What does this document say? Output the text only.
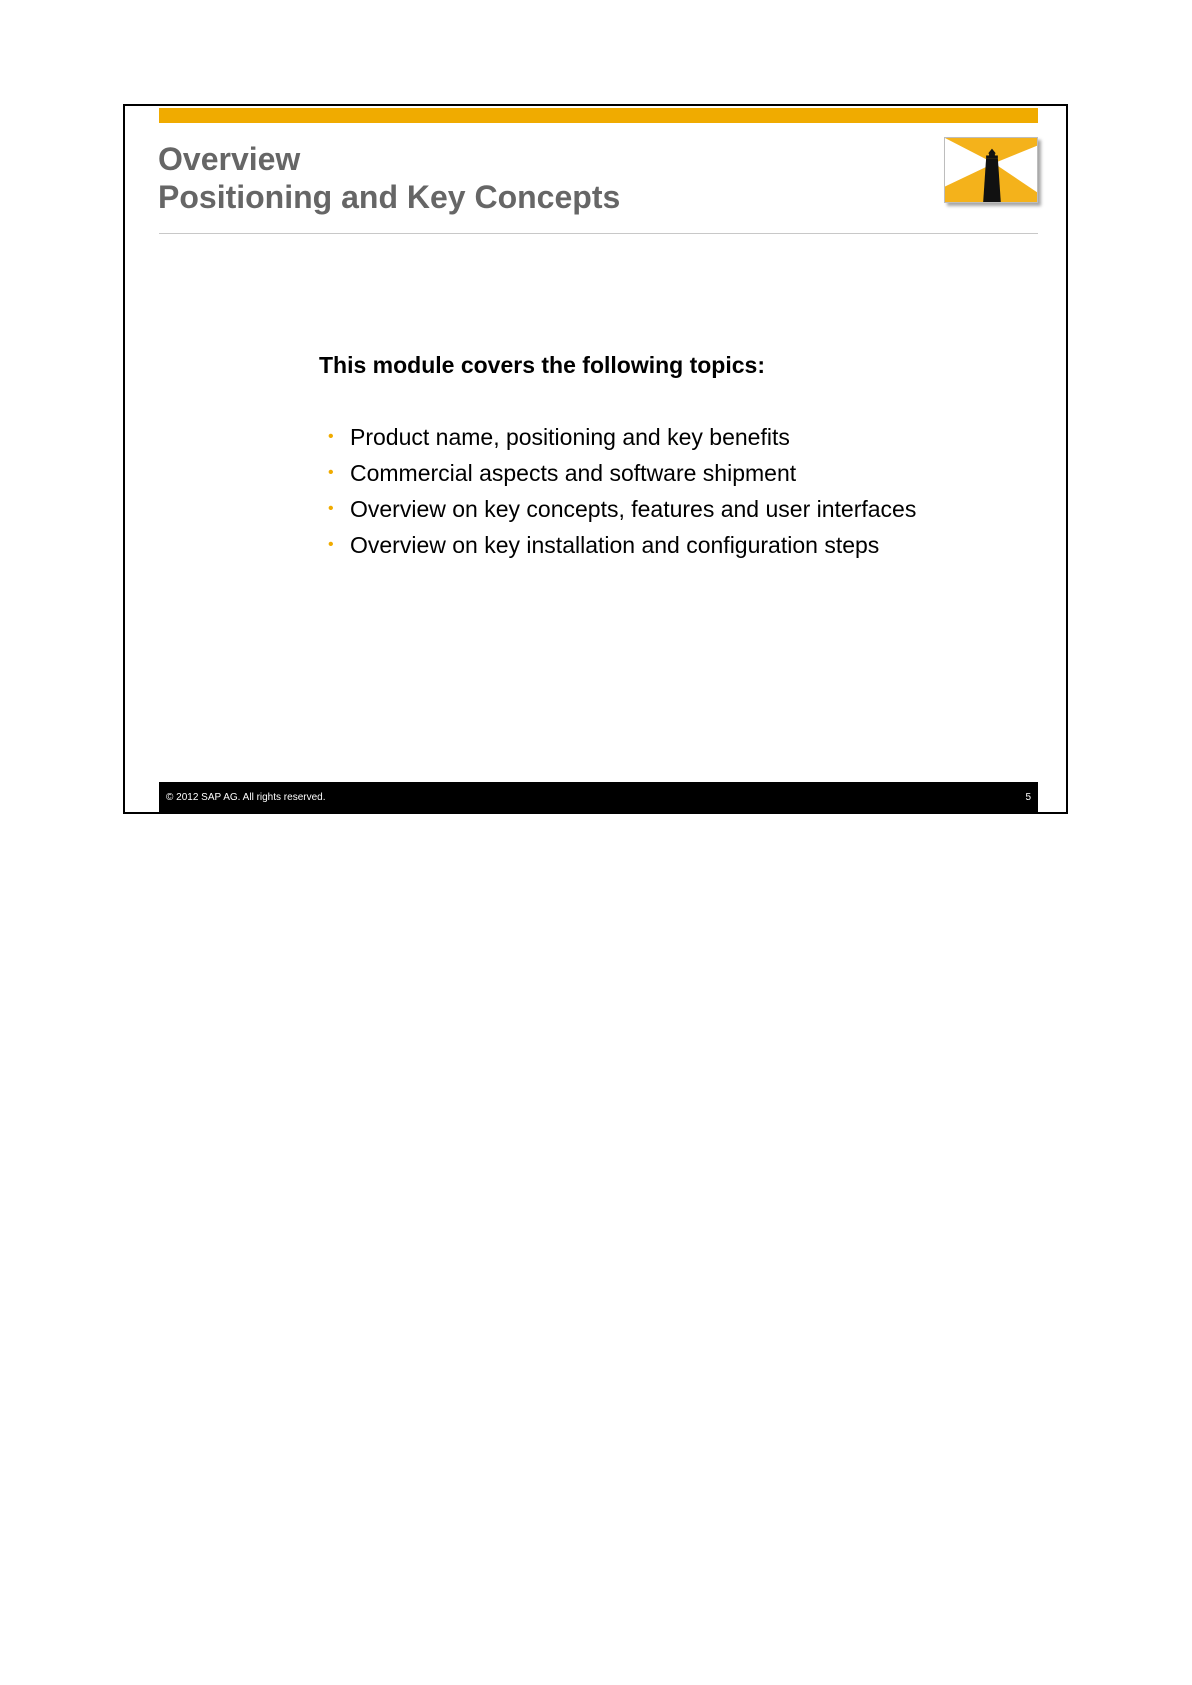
Overview
Positioning and Key Concepts
This module covers the following topics:
• Product name, positioning and key benefits
• Commercial aspects and software shipment
• Overview on key concepts, features and user interfaces
• Overview on key installation and configuration steps
© 2012 SAP AG. All rights reserved.	5
